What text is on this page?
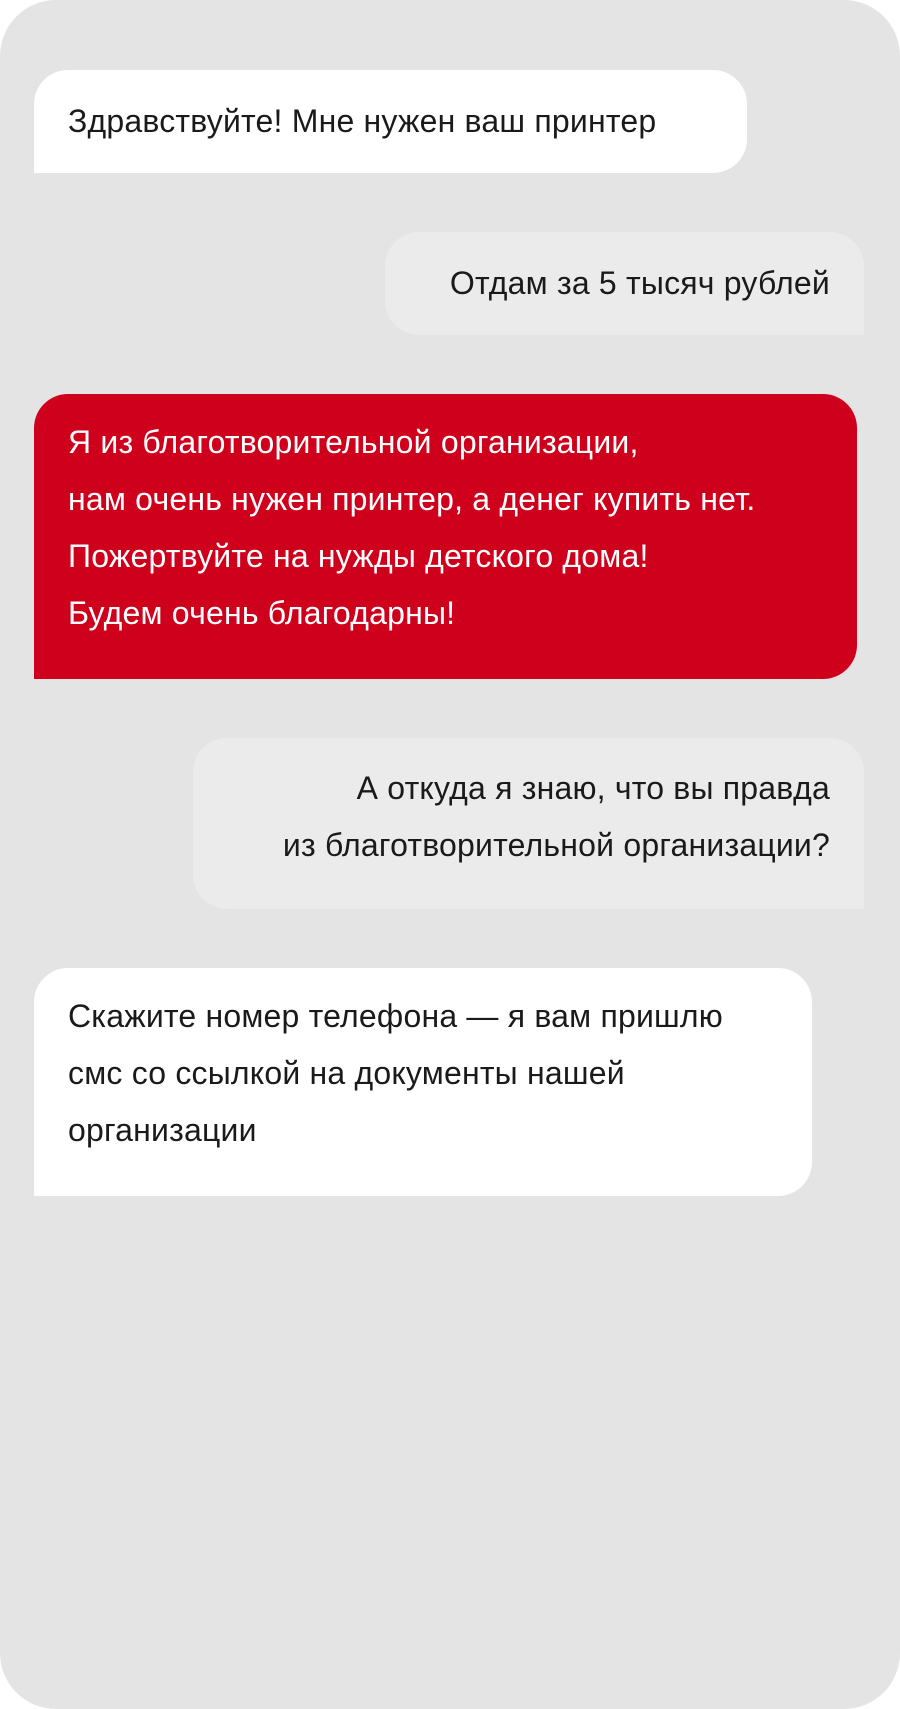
Здравствуйте! Мне нужен ваш принтер
Отдам за 5 тысяч рублей
Я из благотворительной организации,
нам очень нужен принтер, а денег купить нет.
Пожертвуйте на нужды детского дома!
Будем очень благодарны!
А откуда я знаю, что вы правда
из благотворительной организации?
Скажите номер телефона — я вам пришлю
смс со ссылкой на документы нашей
организации
